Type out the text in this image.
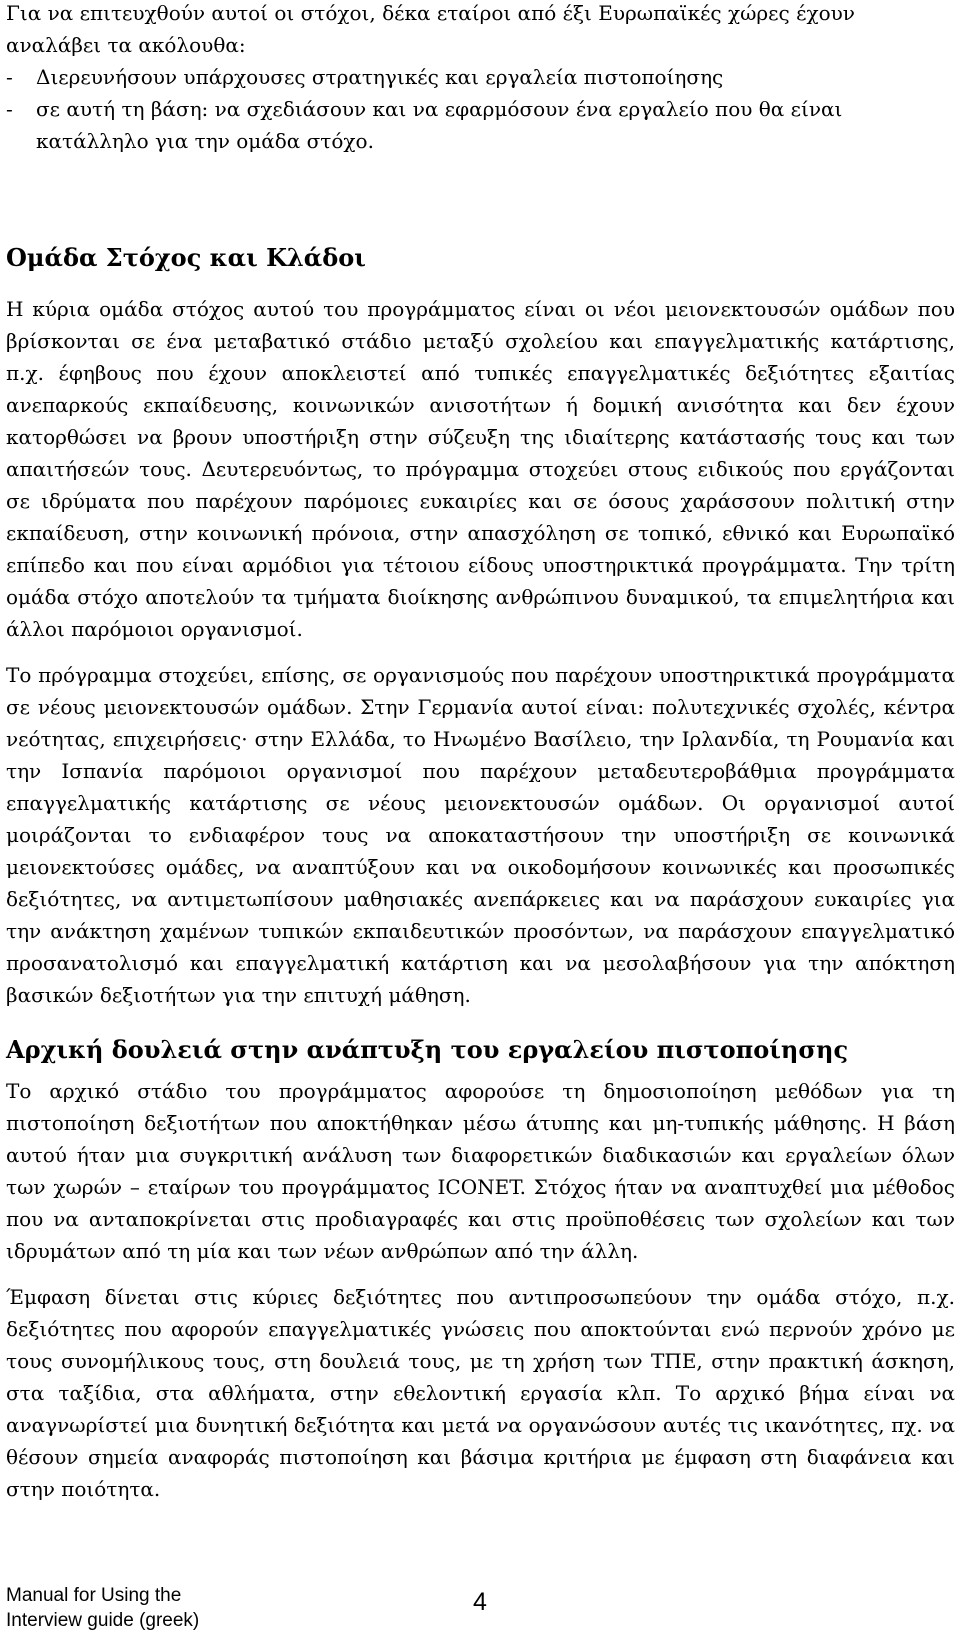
Για να επιτευχθούν αυτοί οι στόχοι, δέκα εταίροι από έξι Ευρωπαϊκές χώρες έχουν αναλάβει τα ακόλουθα:

-	Διερευνήσουν υπάρχουσες στρατηγικές και εργαλεία πιστοποίησης
-	σε αυτή τη βάση: να σχεδιάσουν και να εφαρμόσουν ένα εργαλείο που θα είναι κατάλληλο για την ομάδα στόχο.
Ομάδα Στόχος και Κλάδοι

Η κύρια ομάδα στόχος αυτού του προγράμματος είναι οι νέοι μειονεκτουσών ομάδων που βρίσκονται σε ένα μεταβατικό στάδιο μεταξύ σχολείου και επαγγελματικής κατάρτισης, π.χ. έφηβους που έχουν αποκλειστεί από τυπικές επαγγελματικές δεξιότητες εξαιτίας ανεπαρκούς εκπαίδευσης, κοινωνικών ανισοτήτων ή δομική ανισότητα και δεν έχουν κατορθώσει να βρουν υποστήριξη στην σύζευξη της ιδιαίτερης κατάστασής τους και των απαιτήσεών τους. Δευτερευόντως, το πρόγραμμα στοχεύει στους ειδικούς που εργάζονται σε ιδρύματα που παρέχουν παρόμοιες ευκαιρίες και σε όσους χαράσσουν πολιτική στην εκπαίδευση, στην κοινωνική πρόνοια, στην απασχόληση σε τοπικό, εθνικό και Ευρωπαϊκό επίπεδο και που είναι αρμόδιοι για τέτοιου είδους υποστηρικτικά προγράμματα. Την τρίτη ομάδα στόχο αποτελούν τα τμήματα διοίκησης ανθρώπινου δυναμικού, τα επιμελητήρια και άλλοι παρόμοιοι οργανισμοί.

Το πρόγραμμα στοχεύει, επίσης, σε οργανισμούς που παρέχουν υποστηρικτικά προγράμματα σε νέους μειονεκτουσών ομάδων. Στην Γερμανία αυτοί είναι: πολυτεχνικές σχολές, κέντρα νεότητας, επιχειρήσεις· στην Ελλάδα, το Ηνωμένο Βασίλειο, την Ιρλανδία, τη Ρουμανία και την Ισπανία παρόμοιοι οργανισμοί που παρέχουν μεταδευτεροβάθμια προγράμματα επαγγελματικής κατάρτισης σε νέους μειονεκτουσών ομάδων. Οι οργανισμοί αυτοί μοιράζονται το ενδιαφέρον τους να αποκαταστήσουν την υποστήριξη σε κοινωνικά μειονεκτούσες ομάδες, να αναπτύξουν και να οικοδομήσουν κοινωνικές και προσωπικές δεξιότητες, να αντιμετωπίσουν μαθησιακές ανεπάρκειες και να παράσχουν ευκαιρίες για την ανάκτηση χαμένων τυπικών εκπαιδευτικών προσόντων, να παράσχουν επαγγελματικό προσανατολισμό και επαγγελματική κατάρτιση και να μεσολαβήσουν για την απόκτηση βασικών δεξιοτήτων για την επιτυχή μάθηση.

Αρχική δουλειά στην ανάπτυξη του εργαλείου πιστοποίησης

Το αρχικό στάδιο του προγράμματος αφορούσε τη δημοσιοποίηση μεθόδων για τη πιστοποίηση δεξιοτήτων που αποκτήθηκαν μέσω άτυπης και μη-τυπικής μάθησης. Η βάση αυτού ήταν μια συγκριτική ανάλυση των διαφορετικών διαδικασιών και εργαλείων όλων των χωρών – εταίρων του προγράμματος ICONET. Στόχος ήταν να αναπτυχθεί μια μέθοδος που να ανταποκρίνεται στις προδιαγραφές και στις προϋποθέσεις των σχολείων και των ιδρυμάτων από τη μία και των νέων ανθρώπων από την άλλη.

Έμφαση δίνεται στις κύριες δεξιότητες που αντιπροσωπεύουν την ομάδα στόχο, π.χ. δεξιότητες που αφορούν επαγγελματικές γνώσεις που αποκτούνται ενώ περνούν χρόνο με τους συνομήλικους τους, στη δουλειά τους, με τη χρήση των ΤΠΕ, στην πρακτική άσκηση, στα ταξίδια, στα αθλήματα, στην εθελοντική εργασία κλπ. Το αρχικό βήμα είναι να αναγνωρίστεί μια δυνητική δεξιότητα και μετά να οργανώσουν αυτές τις ικανότητες, πχ. να θέσουν σημεία αναφοράς πιστοποίηση και βάσιμα κριτήρια με έμφαση στη διαφάνεια και στην ποιότητα.

Manual for Using the
Interview guide (greek)
4
